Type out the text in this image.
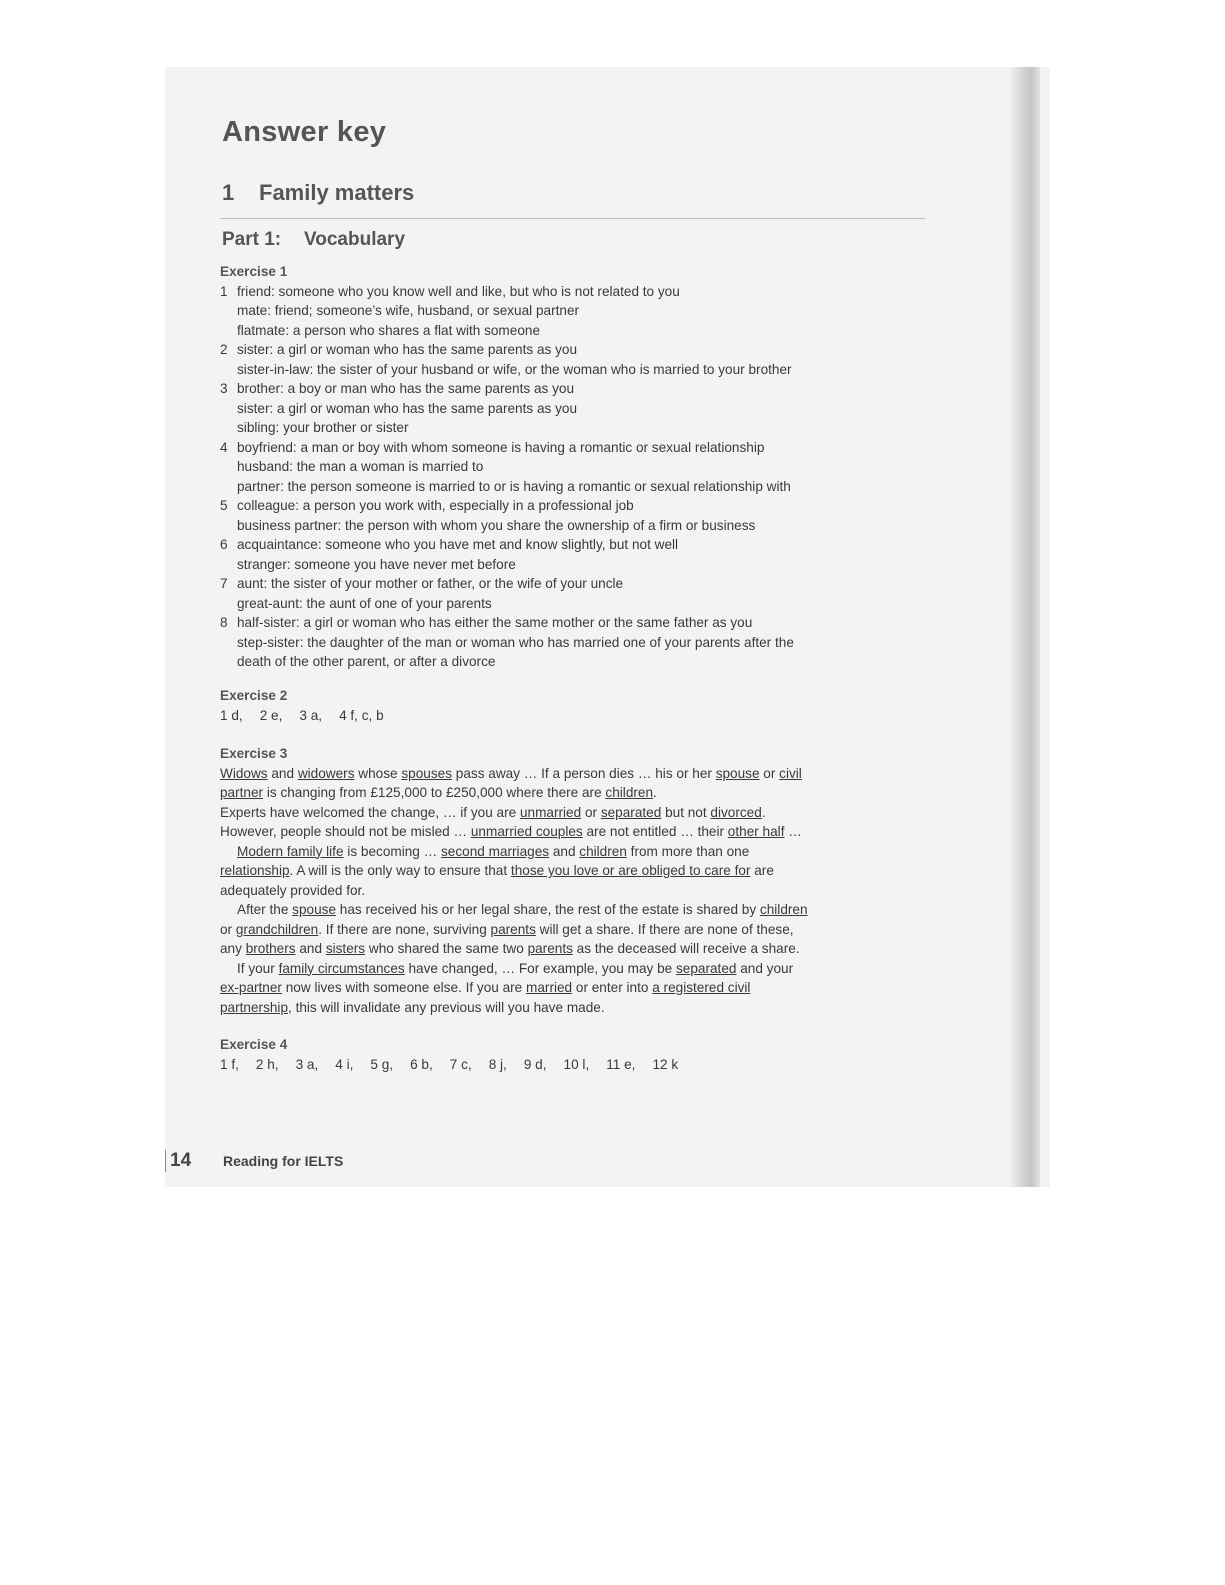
Answer key
1 Family matters
Part 1: Vocabulary
Exercise 1
1 friend: someone who you know well and like, but who is not related to you
mate: friend; someone’s wife, husband, or sexual partner
flatmate: a person who shares a flat with someone
2 sister: a girl or woman who has the same parents as you
sister-in-law: the sister of your husband or wife, or the woman who is married to your brother
3 brother: a boy or man who has the same parents as you
sister: a girl or woman who has the same parents as you
sibling: your brother or sister
4 boyfriend: a man or boy with whom someone is having a romantic or sexual relationship
husband: the man a woman is married to
partner: the person someone is married to or is having a romantic or sexual relationship with
5 colleague: a person you work with, especially in a professional job
business partner: the person with whom you share the ownership of a firm or business
6 acquaintance: someone who you have met and know slightly, but not well
stranger: someone you have never met before
7 aunt: the sister of your mother or father, or the wife of your uncle
great-aunt: the aunt of one of your parents
8 half-sister: a girl or woman who has either the same mother or the same father as you
step-sister: the daughter of the man or woman who has married one of your parents after the
death of the other parent, or after a divorce
Exercise 2
1 d, 2 e, 3 a, 4 f, c, b
Exercise 3
Widows and widowers whose spouses pass away … If a person dies … his or her spouse or civil
partner is changing from £125,000 to £250,000 where there are children.
Experts have welcomed the change, … if you are unmarried or separated but not divorced.
However, people should not be misled … unmarried couples are not entitled … their other half …
Modern family life is becoming … second marriages and children from more than one
relationship. A will is the only way to ensure that those you love or are obliged to care for are
adequately provided for.
After the spouse has received his or her legal share, the rest of the estate is shared by children
or grandchildren. If there are none, surviving parents will get a share. If there are none of these,
any brothers and sisters who shared the same two parents as the deceased will receive a share.
If your family circumstances have changed, … For example, you may be separated and your
ex-partner now lives with someone else. If you are married or enter into a registered civil
partnership, this will invalidate any previous will you have made.
Exercise 4
1 f, 2 h, 3 a, 4 i, 5 g, 6 b, 7 c, 8 j, 9 d, 10 l, 11 e, 12 k
14 Reading for IELTS
